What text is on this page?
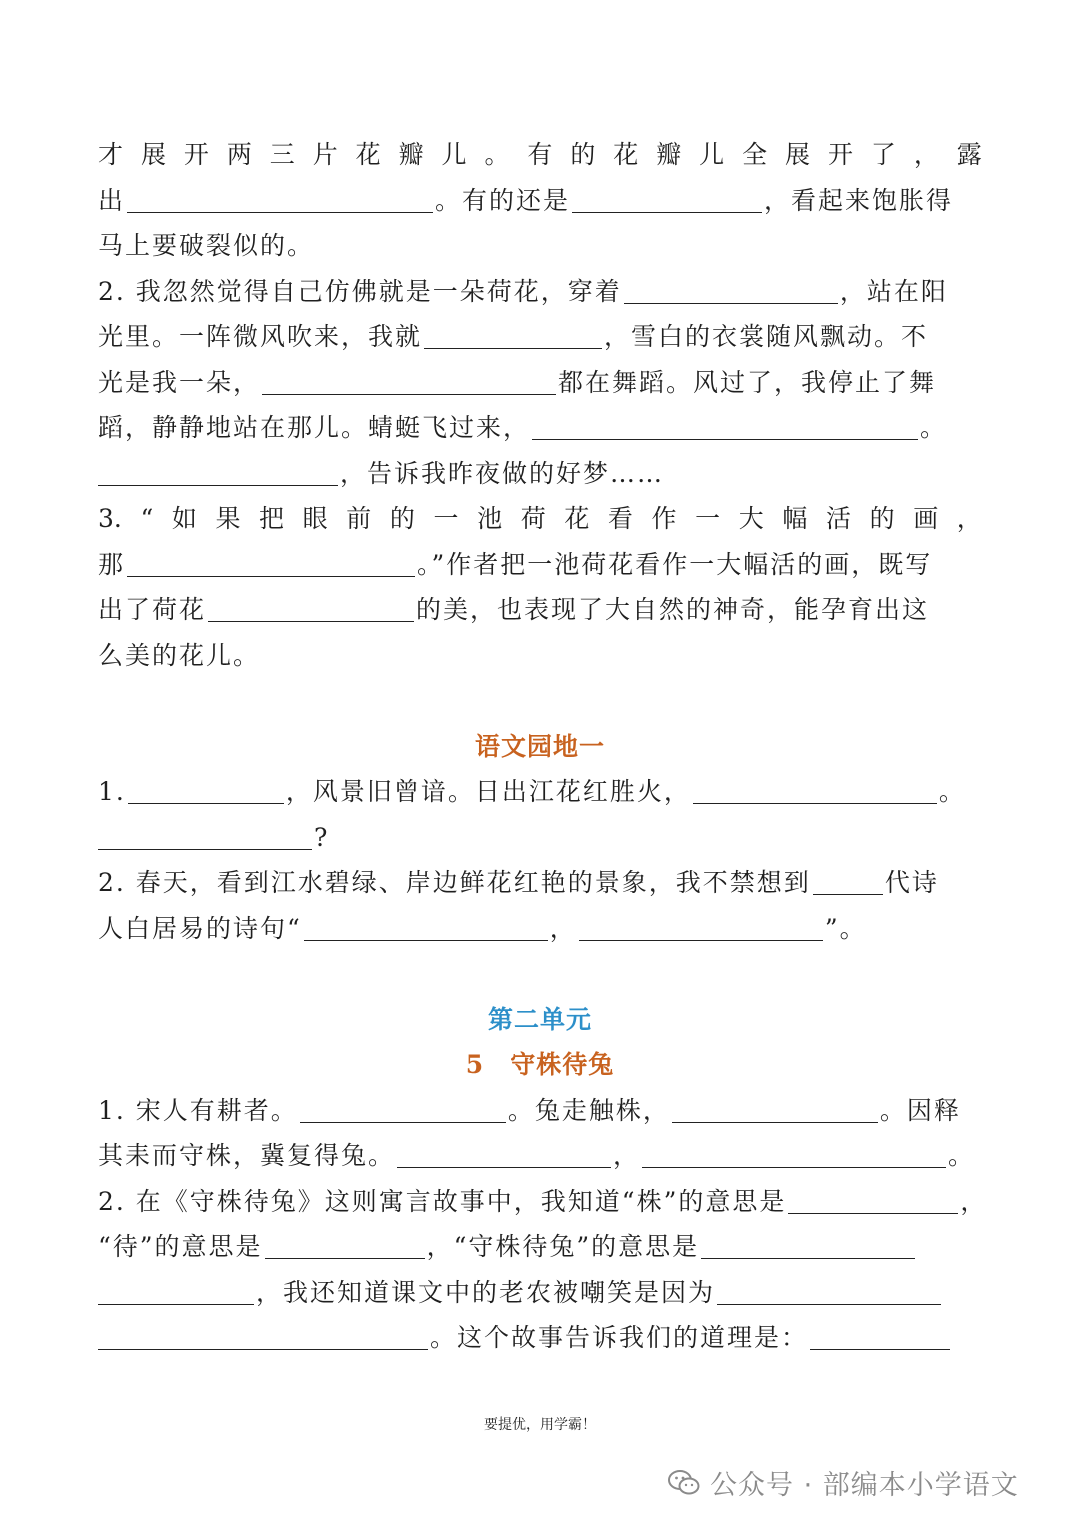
才 展 开 两 三 片 花 瓣 儿 。 有 的 花 瓣 儿 全 展 开 了 ， 露
出	。有的还是	，看起来饱胀得
马上要破裂似的。
2. 我忽然觉得自己仿佛就是一朵荷花，穿着	，站在阳
光里。一阵微风吹来，我就	，雪白的衣裳随风飘动。不
光是我一朵，	都在舞蹈。风过了，我停止了舞
蹈，静静地站在那儿。蜻蜓飞过来，	。
，告诉我昨夜做的好梦……
3. “ 如 果 把 眼 前 的 一 池 荷 花 看 作 一 大 幅 活 的 画 ，
那	。”作者把一池荷花看作一大幅活的画，既写
出了荷花	的美，也表现了大自然的神奇，能孕育出这
么美的花儿。
语文园地一
1.	，风景旧曾谙。日出江花红胜火，	。
?
2. 春天，看到江水碧绿、岸边鲜花红艳的景象，我不禁想到	代诗
人白居易的诗句“	，	”。
第二单元
5　守株待兔
1. 宋人有耕者。	。兔走触株，	。因释
其耒而守株，冀复得兔。	，	。
2. 在《守株待兔》这则寓言故事中，我知道“株”的意思是	，
“待”的意思是	，“守株待兔”的意思是
，我还知道课文中的老农被嘲笑是因为
。这个故事告诉我们的道理是：
要提优，用学霸！
公众号 · 部编本小学语文
